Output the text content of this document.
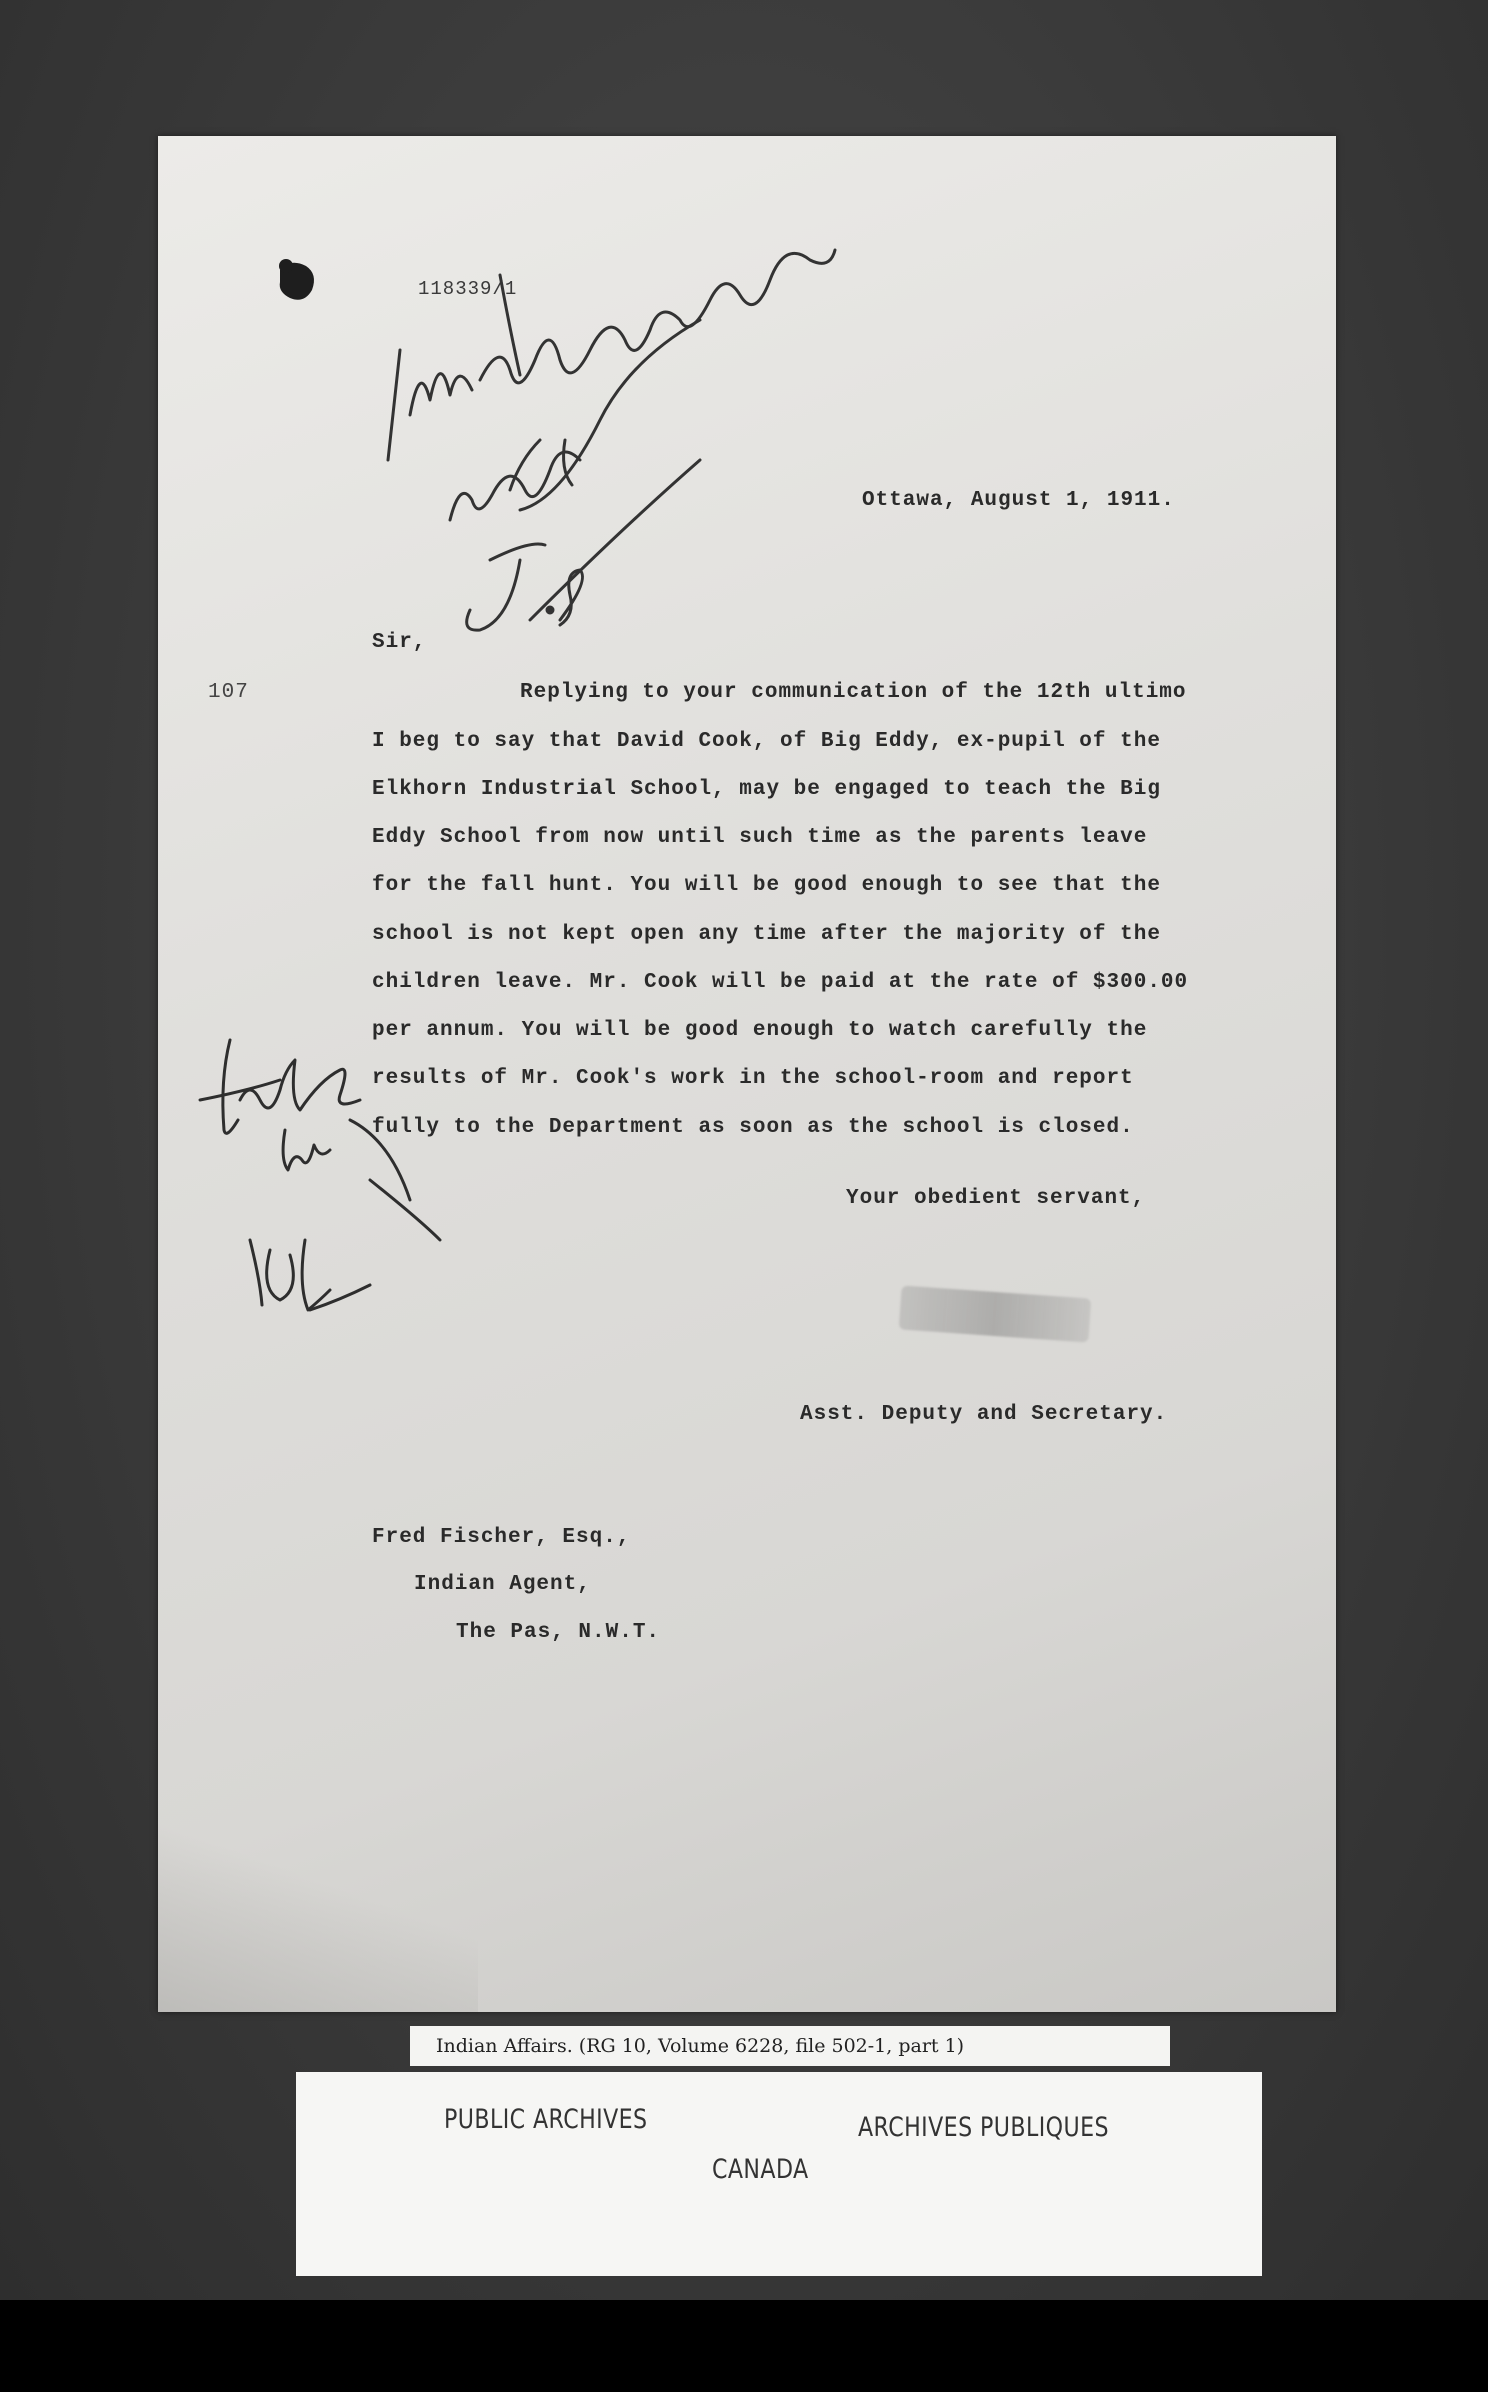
118339/1
Ottawa, August 1, 1911.
107
Sir,
Replying to your communication of the 12th ultimo
I beg to say that David Cook, of Big Eddy, ex-pupil of the
Elkhorn Industrial School, may be engaged to teach the Big
Eddy School from now until such time as the parents leave
for the fall hunt. You will be good enough to see that the
school is not kept open any time after the majority of the
children leave. Mr. Cook will be paid at the rate of $300.00
per annum. You will be good enough to watch carefully the
results of Mr. Cook's work in the school-room and report
fully to the Department as soon as the school is closed.
Your obedient servant,
Asst. Deputy and Secretary.
Fred Fischer, Esq.,
Indian Agent,
The Pas, N.W.T.
Indian Affairs. (RG 10, Volume 6228, file 502-1, part 1)
PUBLIC ARCHIVES	ARCHIVES PUBLIQUES
CANADA
